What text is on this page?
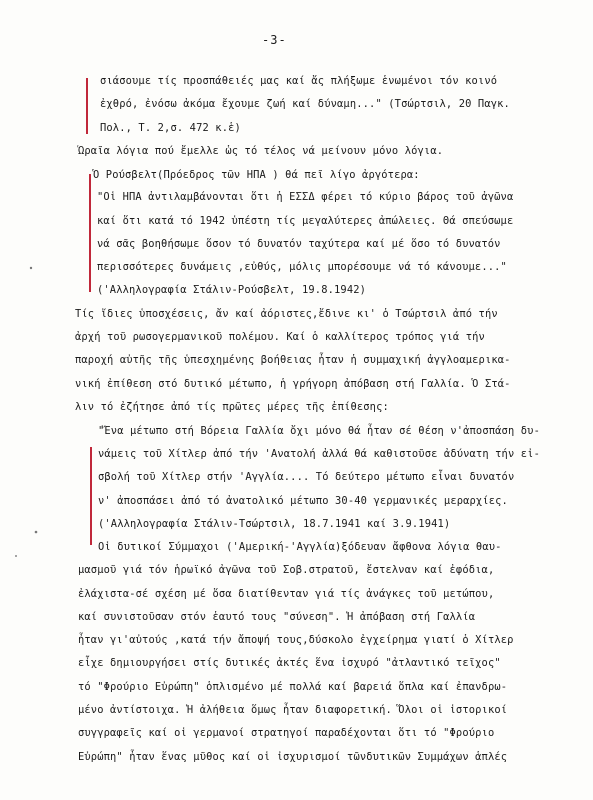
-3-
σιάσουμε τίς προσπάθειές μας καί ἄς πλήξωμε ἑνωμένοι τόν κοινό
ἐχθρό, ἐνόσω ἀκόμα ἔχουμε ζωή καί δύναμη..." (Τσώρτσιλ, 20 Παγκ.
Πολ., Τ. 2,σ. 472 κ.ἑ)
Ὡραῖα λόγια πού ἔμελλε ὡς τό τέλος νά μείνουν μόνο λόγια.
Ὁ Ρούσβελτ(Πρόεδρος τῶν ΗΠΑ ) θά πεῖ λίγο ἀργότερα:
"Οἱ ΗΠΑ ἀντιλαμβάνονται ὅτι ἡ ΕΣΣΔ φέρει τό κύριο βάρος τοῦ ἀγῶνα
καί ὅτι κατά τό 1942 ὑπέστη τίς μεγαλύτερες ἀπώλειες. Θά σπεύσωμε
νά σᾶς βοηθήσωμε ὅσον τό δυνατόν ταχύτερα καί μέ ὅσο τό δυνατόν
περισσότερες δυνάμεις ,εὐθύς, μόλις μπορέσουμε νά τό κάνουμε..."
('Αλληλογραφία Στάλιν-Ρούσβελτ, 19.8.1942)
Τίς ἴδιες ὑποσχέσεις, ἄν καί ἀόριστες,ἔδινε κι' ὁ Τσώρτσιλ ἀπό τήν
ἀρχή τοῦ ρωσογερμανικοῦ πολέμου. Καί ὁ καλλίτερος τρόπος γιά τήν
παροχή αὐτῆς τῆς ὑπεσχημένης βοήθειας ἦταν ἡ συμμαχική ἀγγλοαμερικα-
νική ἐπίθεση στό δυτικό μέτωπο, ἡ γρήγορη ἀπόβαση στή Γαλλία. Ὁ Στά-
λιν τό ἐζήτησε ἀπό τίς πρῶτες μέρες τῆς ἐπίθεσης:
"Ἕνα μέτωπο στή Βόρεια Γαλλία ὄχι μόνο θά ἦταν σέ θέση ν'ἀποσπάση δυ-
νάμεις τοῦ Χίτλερ ἀπό τήν 'Ανατολή ἀλλά θά καθιστοῦσε ἀδύνατη τήν εἰ-
σβολή τοῦ Χίτλερ στήν 'Αγγλία.... Τό δεύτερο μέτωπο εἶναι δυνατόν
ν' ἀποσπάσει ἀπό τό ἀνατολικό μέτωπο 30-40 γερμανικές μεραρχίες.
('Αλληλογραφία Στάλιν-Τσώρτσιλ, 18.7.1941 καί 3.9.1941)
Οἱ δυτικοί Σύμμαχοι ('Αμερική-'Αγγλία)ξόδευαν ἄφθονα λόγια θαυ-
μασμοῦ γιά τόν ἡρωϊκό ἀγῶνα τοῦ Σοβ.στρατοῦ, ἔστελναν καί ἐφόδια,
ἐλάχιστα-σέ σχέση μέ ὅσα διατίθενταν γιά τίς ἀνάγκες τοῦ μετώπου,
καί συνιστοῦσαν στόν ἑαυτό τους "σύνεση". Ἡ ἀπόβαση στή Γαλλία
ἦταν γι'αὐτούς ,κατά τήν ἄποψή τους,δύσκολο ἐγχείρημα γιατί ὁ Χίτλερ
εἶχε δημιουργήσει στίς δυτικές ἀκτές ἕνα ἰσχυρό "ἀτλαντικό τεῖχος"
τό "Φρούριο Εὐρώπη" ὁπλισμένο μέ πολλά καί βαρειά ὅπλα καί ἐπανδρω-
μένο ἀντίστοιχα. Ἡ ἀλήθεια ὅμως ἦταν διαφορετική. Ὅλοι οἱ ἱστορικοί
συγγραφεῖς καί οἱ γερμανοί στρατηγοί παραδέχονται ὅτι τό "Φρούριο
Εὐρώπη" ἦταν ἕνας μῦθος καί οἱ ἰσχυρισμοί τῶνδυτικῶν Συμμάχων ἁπλές
